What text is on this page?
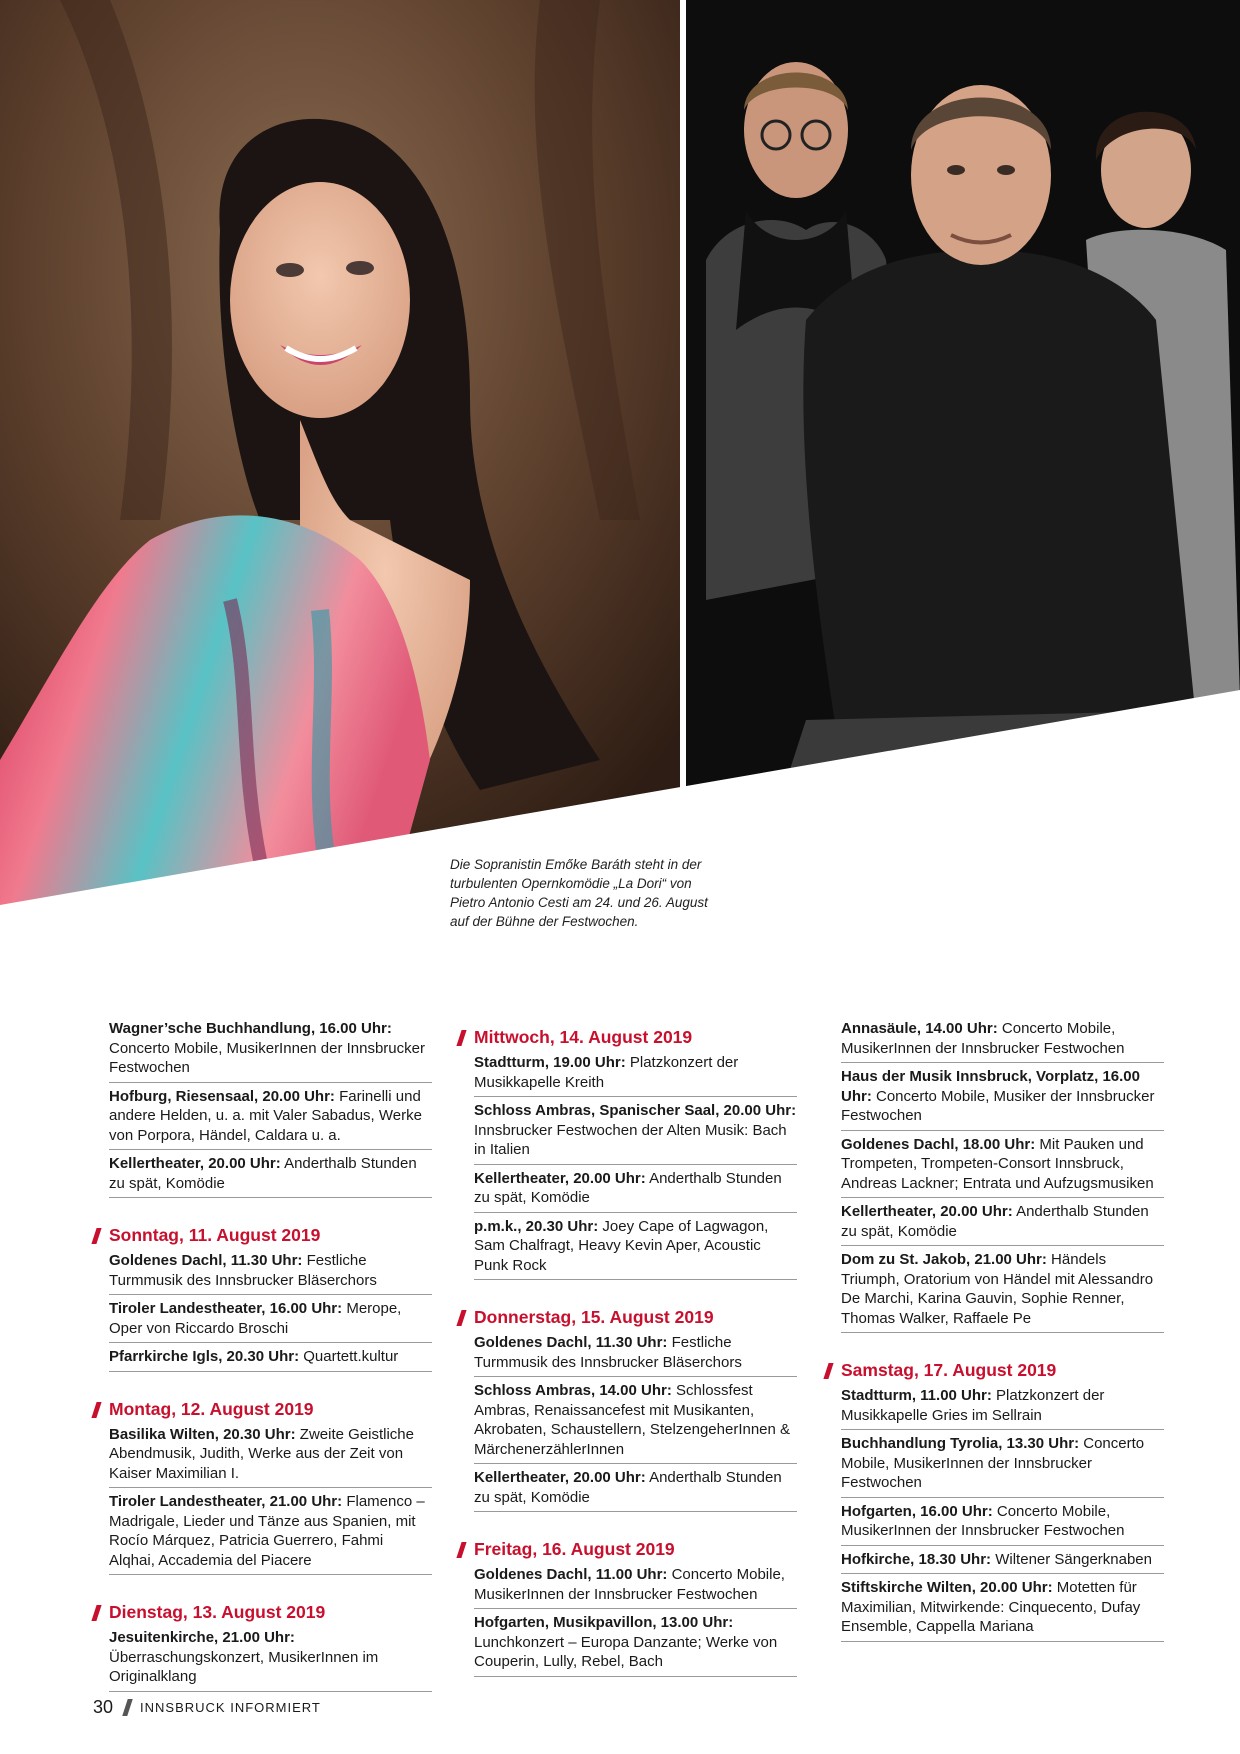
Die Sopranistin Emőke Baráth steht in der turbulenten Opernkomödie „La Dori“ von Pietro Antonio Cesti am 24. und 26. August auf der Bühne der Festwochen.
Wagner’sche Buchhandlung, 16.00 Uhr: Concerto Mobile, MusikerInnen der Innsbrucker Festwochen
Hofburg, Riesensaal, 20.00 Uhr: Farinelli und andere Helden, u. a. mit Valer Sabadus, Werke von Porpora, Händel, Caldara u. a.
Kellertheater, 20.00 Uhr: Anderthalb Stunden zu spät, Komödie
Sonntag, 11. August 2019
Goldenes Dachl, 11.30 Uhr: Festliche Turmmusik des Innsbrucker Bläserchors
Tiroler Landestheater, 16.00 Uhr: Merope, Oper von Riccardo Broschi
Pfarrkirche Igls, 20.30 Uhr: Quartett.kultur
Montag, 12. August 2019
Basilika Wilten, 20.30 Uhr: Zweite Geistliche Abendmusik, Judith, Werke aus der Zeit von Kaiser Maximilian I.
Tiroler Landestheater, 21.00 Uhr: Flamenco – Madrigale, Lieder und Tänze aus Spanien, mit Rocío Márquez, Patricia Guerrero, Fahmi Alqhai, Accademia del Piacere
Dienstag, 13. August 2019
Jesuitenkirche, 21.00 Uhr: Überraschungskonzert, MusikerInnen im Originalklang
Mittwoch, 14. August 2019
Stadtturm, 19.00 Uhr: Platzkonzert der Musikkapelle Kreith
Schloss Ambras, Spanischer Saal, 20.00 Uhr: Innsbrucker Festwochen der Alten Musik: Bach in Italien
Kellertheater, 20.00 Uhr: Anderthalb Stunden zu spät, Komödie
p.m.k., 20.30 Uhr: Joey Cape of Lagwagon, Sam Chalfragt, Heavy Kevin Aper, Acoustic Punk Rock
Donnerstag, 15. August 2019
Goldenes Dachl, 11.30 Uhr: Festliche Turmmusik des Innsbrucker Bläserchors
Schloss Ambras, 14.00 Uhr: Schlossfest Ambras, Renaissancefest mit Musikanten, Akrobaten, Schaustellern, StelzengeherInnen & MärchenerzählerInnen
Kellertheater, 20.00 Uhr: Anderthalb Stunden zu spät, Komödie
Freitag, 16. August 2019
Goldenes Dachl, 11.00 Uhr: Concerto Mobile, MusikerInnen der Innsbrucker Festwochen
Hofgarten, Musikpavillon, 13.00 Uhr: Lunchkonzert – Europa Danzante; Werke von Couperin, Lully, Rebel, Bach
Annasäule, 14.00 Uhr: Concerto Mobile, MusikerInnen der Innsbrucker Festwochen
Haus der Musik Innsbruck, Vorplatz, 16.00 Uhr: Concerto Mobile, Musiker der Innsbrucker Festwochen
Goldenes Dachl, 18.00 Uhr: Mit Pauken und Trompeten, Trompeten-Consort Innsbruck, Andreas Lackner; Entrata und Aufzugsmusiken
Kellertheater, 20.00 Uhr: Anderthalb Stunden zu spät, Komödie
Dom zu St. Jakob, 21.00 Uhr: Händels Triumph, Oratorium von Händel mit Alessandro De Marchi, Karina Gauvin, Sophie Renner, Thomas Walker, Raffaele Pe
Samstag, 17. August 2019
Stadtturm, 11.00 Uhr: Platzkonzert der Musikkapelle Gries im Sellrain
Buchhandlung Tyrolia, 13.30 Uhr: Concerto Mobile, MusikerInnen der Innsbrucker Festwochen
Hofgarten, 16.00 Uhr: Concerto Mobile, MusikerInnen der Innsbrucker Festwochen
Hofkirche, 18.30 Uhr: Wiltener Sängerknaben
Stiftskirche Wilten, 20.00 Uhr: Motetten für Maximilian, Mitwirkende: Cinquecento, Dufay Ensemble, Cappella Mariana
30 INNSBRUCK INFORMIERT
